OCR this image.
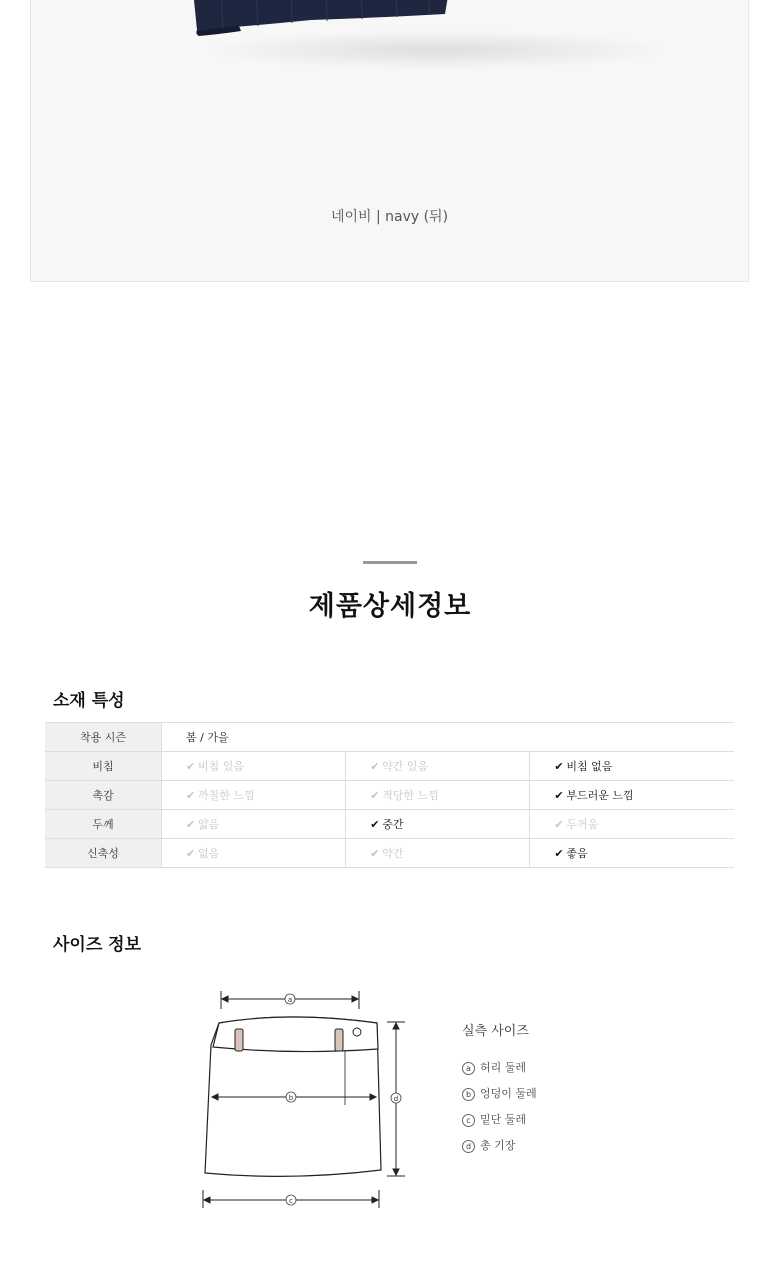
네이비 | navy (뒤)
제품상세정보
소재 특성
착용 시즌	봄 / 가을		
비침	✔ 비침 있음	✔ 약간 있음	✔ 비침 없음
촉감	✔ 까칠한 느낌	✔ 적당한 느낌	✔ 부드러운 느낌
두께	✔ 얇음	✔ 중간	✔ 두꺼움
신축성	✔ 없음	✔ 약간	✔ 좋음
사이즈 정보
a
b	d
c
실측 사이즈
a 허리 둘레
b 엉덩이 둘레
c 밑단 둘레
d 총 기장
